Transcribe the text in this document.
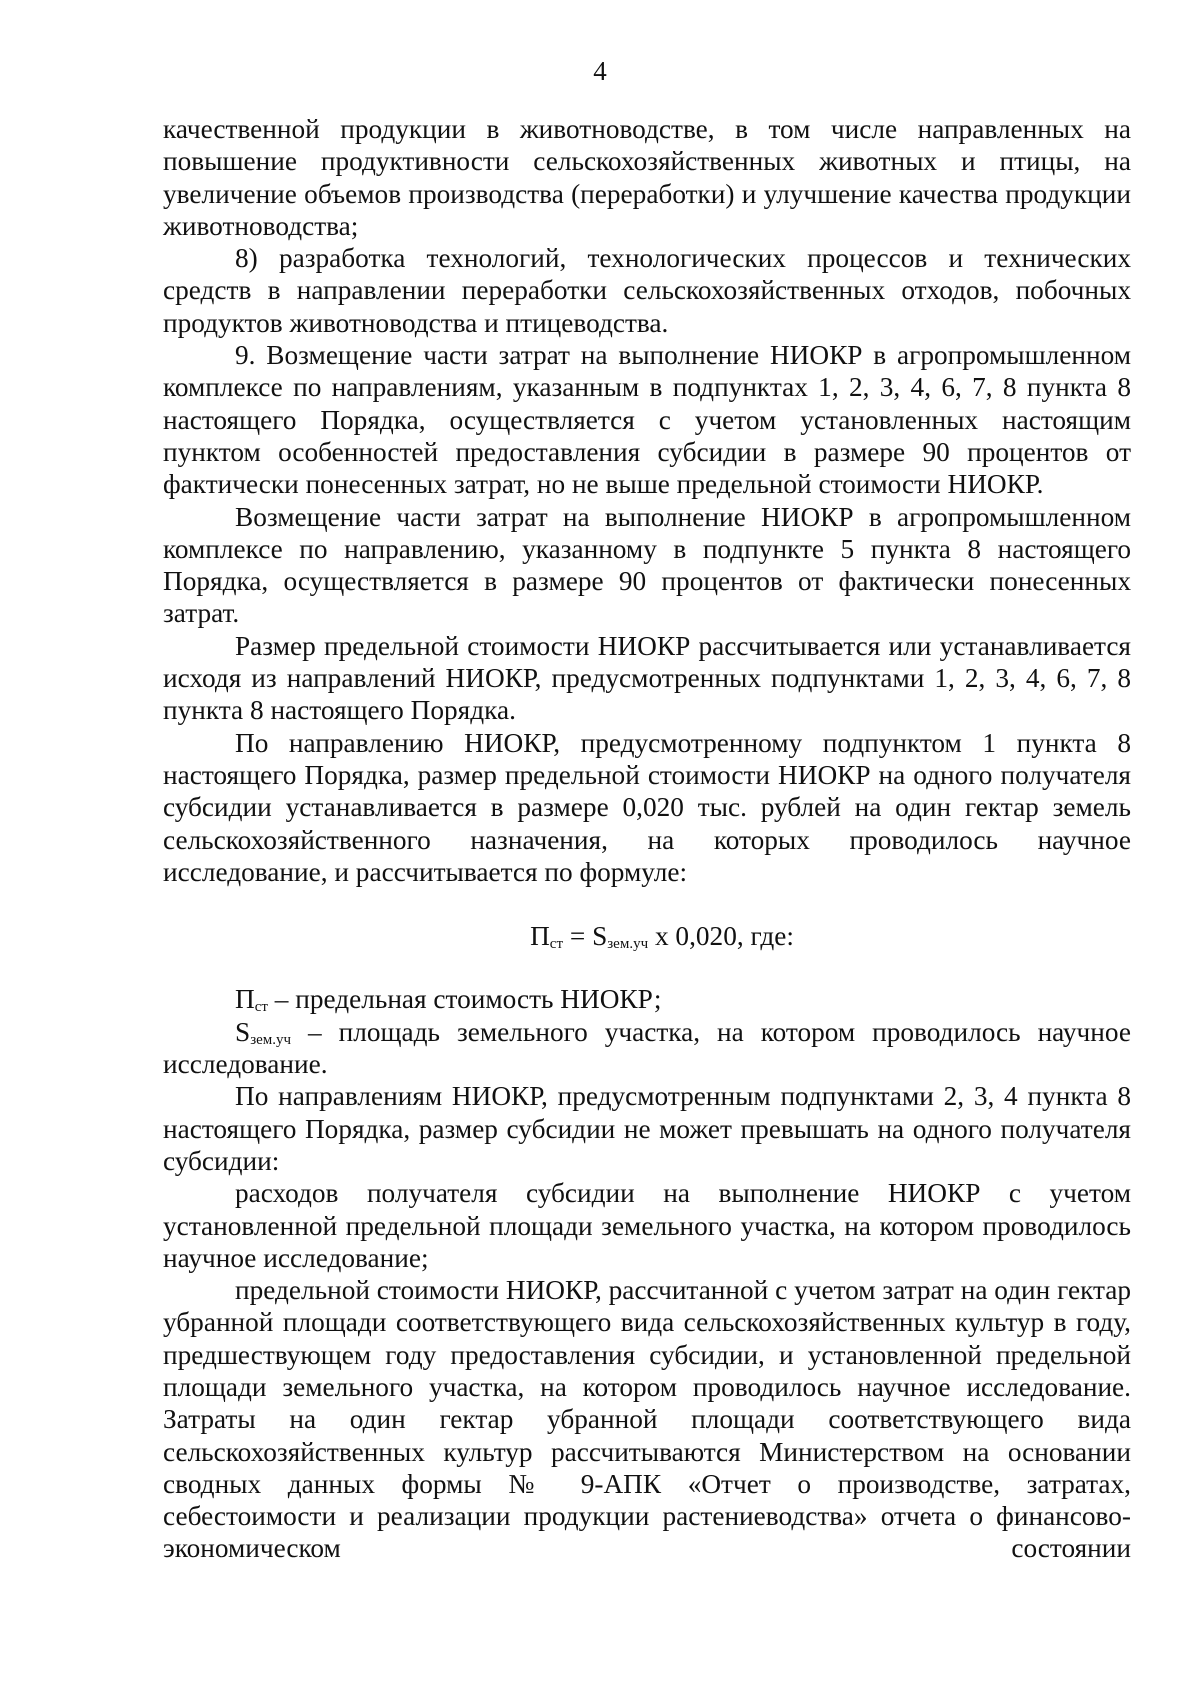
4

качественной продукции в животноводстве, в том числе направленных на повышение продуктивности сельскохозяйственных животных и птицы, на увеличение объемов производства (переработки) и улучшение качества продукции животноводства;

8) разработка технологий, технологических процессов и технических средств в направлении переработки сельскохозяйственных отходов, побочных продуктов животноводства и птицеводства.

9. Возмещение части затрат на выполнение НИОКР в агропромышленном комплексе по направлениям, указанным в подпунктах 1, 2, 3, 4, 6, 7, 8 пункта 8 настоящего Порядка, осуществляется с учетом установленных настоящим пунктом особенностей предоставления субсидии в размере 90 процентов от фактически понесенных затрат, но не выше предельной стоимости НИОКР.

Возмещение части затрат на выполнение НИОКР в агропромышленном комплексе по направлению, указанному в подпункте 5 пункта 8 настоящего Порядка, осуществляется в размере 90 процентов от фактически понесенных затрат.

Размер предельной стоимости НИОКР рассчитывается или устанавливается исходя из направлений НИОКР, предусмотренных подпунктами 1, 2, 3, 4, 6, 7, 8 пункта 8 настоящего Порядка.

По направлению НИОКР, предусмотренному подпунктом 1 пункта 8 настоящего Порядка, размер предельной стоимости НИОКР на одного получателя субсидии устанавливается в размере 0,020 тыс. рублей на один гектар земель сельскохозяйственного назначения, на которых проводилось научное исследование, и рассчитывается по формуле:

$П_{ст} = S_{зем.уч}$ х 0,020, где:

$П_{ст}$ – предельная стоимость НИОКР;

$S_{зем.уч}$ – площадь земельного участка, на котором проводилось научное исследование.

По направлениям НИОКР, предусмотренным подпунктами 2, 3, 4 пункта 8 настоящего Порядка, размер субсидии не может превышать на одного получателя субсидии:

расходов получателя субсидии на выполнение НИОКР с учетом установленной предельной площади земельного участка, на котором проводилось научное исследование;

предельной стоимости НИОКР, рассчитанной с учетом затрат на один гектар убранной площади соответствующего вида сельскохозяйственных культур в году, предшествующем году предоставления субсидии, и установленной предельной площади земельного участка, на котором проводилось научное исследование. Затраты на один гектар убранной площади соответствующего вида сельскохозяйственных культур рассчитываются Министерством на основании сводных данных формы № 9-АПК «Отчет о производстве, затратах, себестоимости и реализации продукции растениеводства» отчета о финансово-экономическом состоянии
